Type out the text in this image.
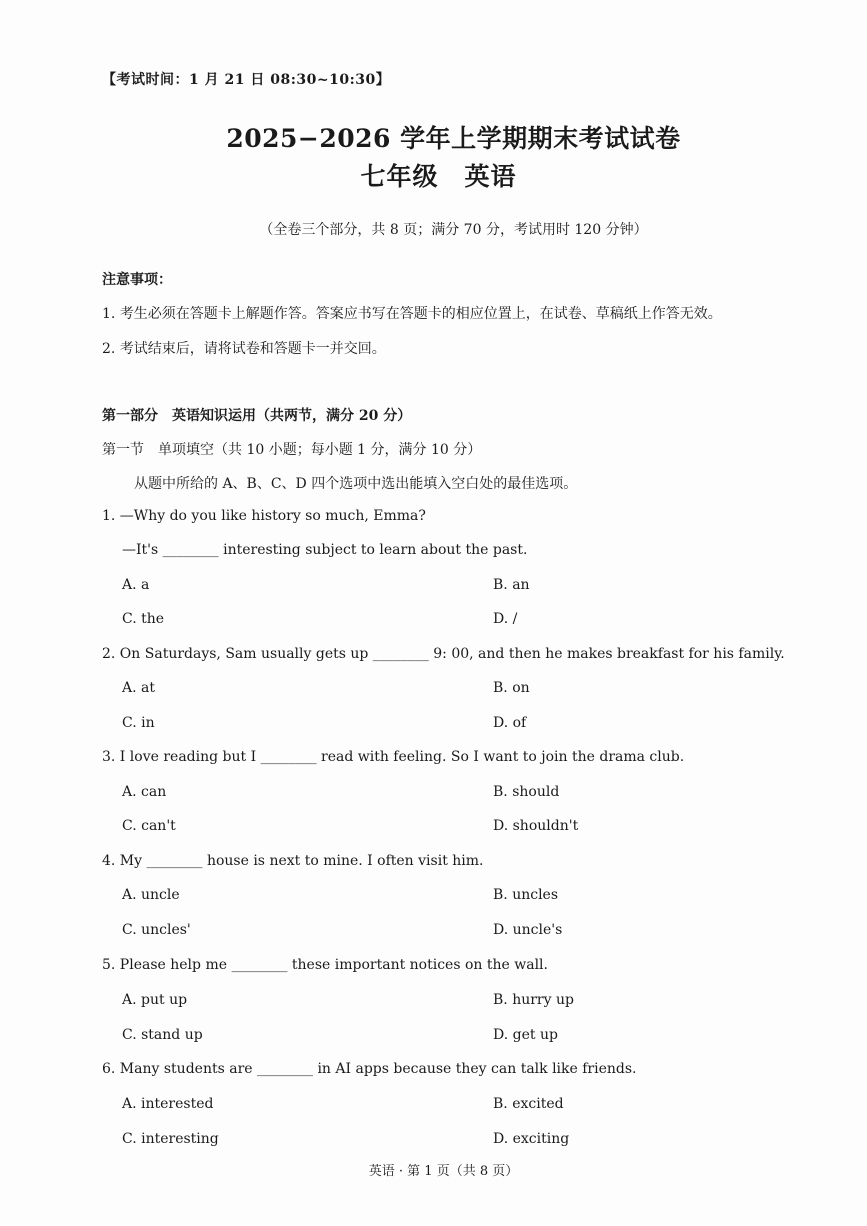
【考试时间：1 月 21 日 08:30~10:30】
2025−2026 学年上学期期末考试试卷
七年级　英语
（全卷三个部分，共 8 页；满分 70 分，考试用时 120 分钟）
注意事项：
1. 考生必须在答题卡上解题作答。答案应书写在答题卡的相应位置上，在试卷、草稿纸上作答无效。
2. 考试结束后，请将试卷和答题卡一并交回。
第一部分　英语知识运用（共两节，满分 20 分）
第一节　单项填空（共 10 小题；每小题 1 分，满分 10 分）
从题中所给的 A、B、C、D 四个选项中选出能填入空白处的最佳选项。
1. —Why do you like history so much, Emma?
—It's ________ interesting subject to learn about the past.
A. a	B. an
C. the	D. /
2. On Saturdays, Sam usually gets up ________ 9: 00, and then he makes breakfast for his family.
A. at	B. on
C. in	D. of
3. I love reading but I ________ read with feeling. So I want to join the drama club.
A. can	B. should
C. can't	D. shouldn't
4. My ________ house is next to mine. I often visit him.
A. uncle	B. uncles
C. uncles'	D. uncle's
5. Please help me ________ these important notices on the wall.
A. put up	B. hurry up
C. stand up	D. get up
6. Many students are ________ in AI apps because they can talk like friends.
A. interested	B. excited
C. interesting	D. exciting
英语 · 第 1 页（共 8 页）
